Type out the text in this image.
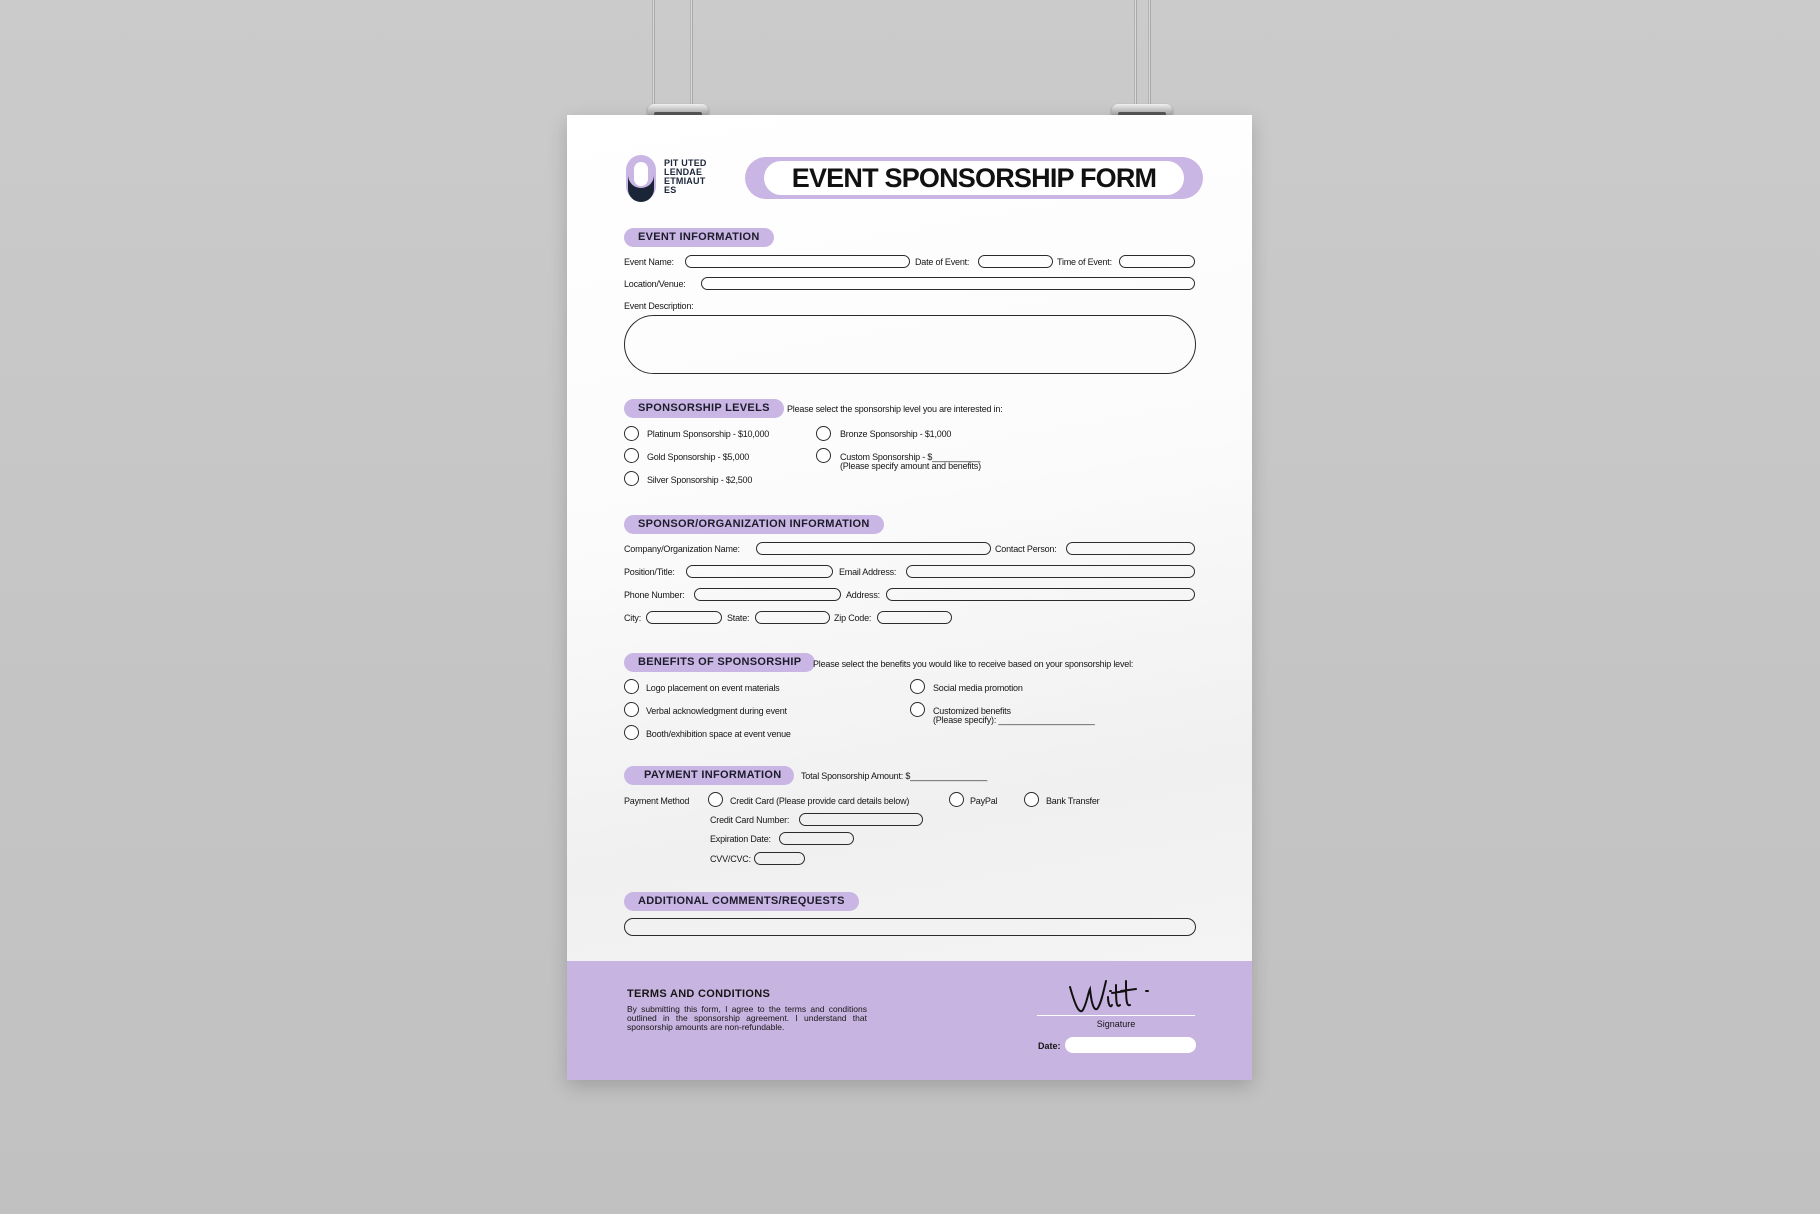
PIT UTED
LENDAE
ETMIAUT
ES	EVENT SPONSORSHIP FORM
EVENT INFORMATION
Event Name:	Date of Event:	Time of Event:
Location/Venue:
Event Description:
SPONSORSHIP LEVELS	Please select the sponsorship level you are interested in:
Platinum Sponsorship - $10,000
Gold Sponsorship - $5,000
Silver Sponsorship - $2,500
Bronze Sponsorship - $1,000
Custom Sponsorship - $__________
(Please specify amount and benefits)
SPONSOR/ORGANIZATION INFORMATION
Company/Organization Name:	Contact Person:
Position/Title:	Email Address:
Phone Number:	Address:
City:	State:	Zip Code:
BENEFITS OF SPONSORSHIP	Please select the benefits you would like to receive based on your sponsorship level:
Logo placement on event materials
Verbal acknowledgment during event
Booth/exhibition space at event venue
Social media promotion
Customized benefits
(Please specify): ____________________
PAYMENT INFORMATION	Total Sponsorship Amount: $________________
Payment Method	Credit Card (Please provide card details below)	PayPal	Bank Transfer
Credit Card Number:
Expiration Date:
CVV/CVC:
ADDITIONAL COMMENTS/REQUESTS
TERMS AND CONDITIONS
By submitting this form, I agree to the terms and conditions outlined in the sponsorship agreement. I understand that sponsorship amounts are non-refundable.	Signature
Date:
